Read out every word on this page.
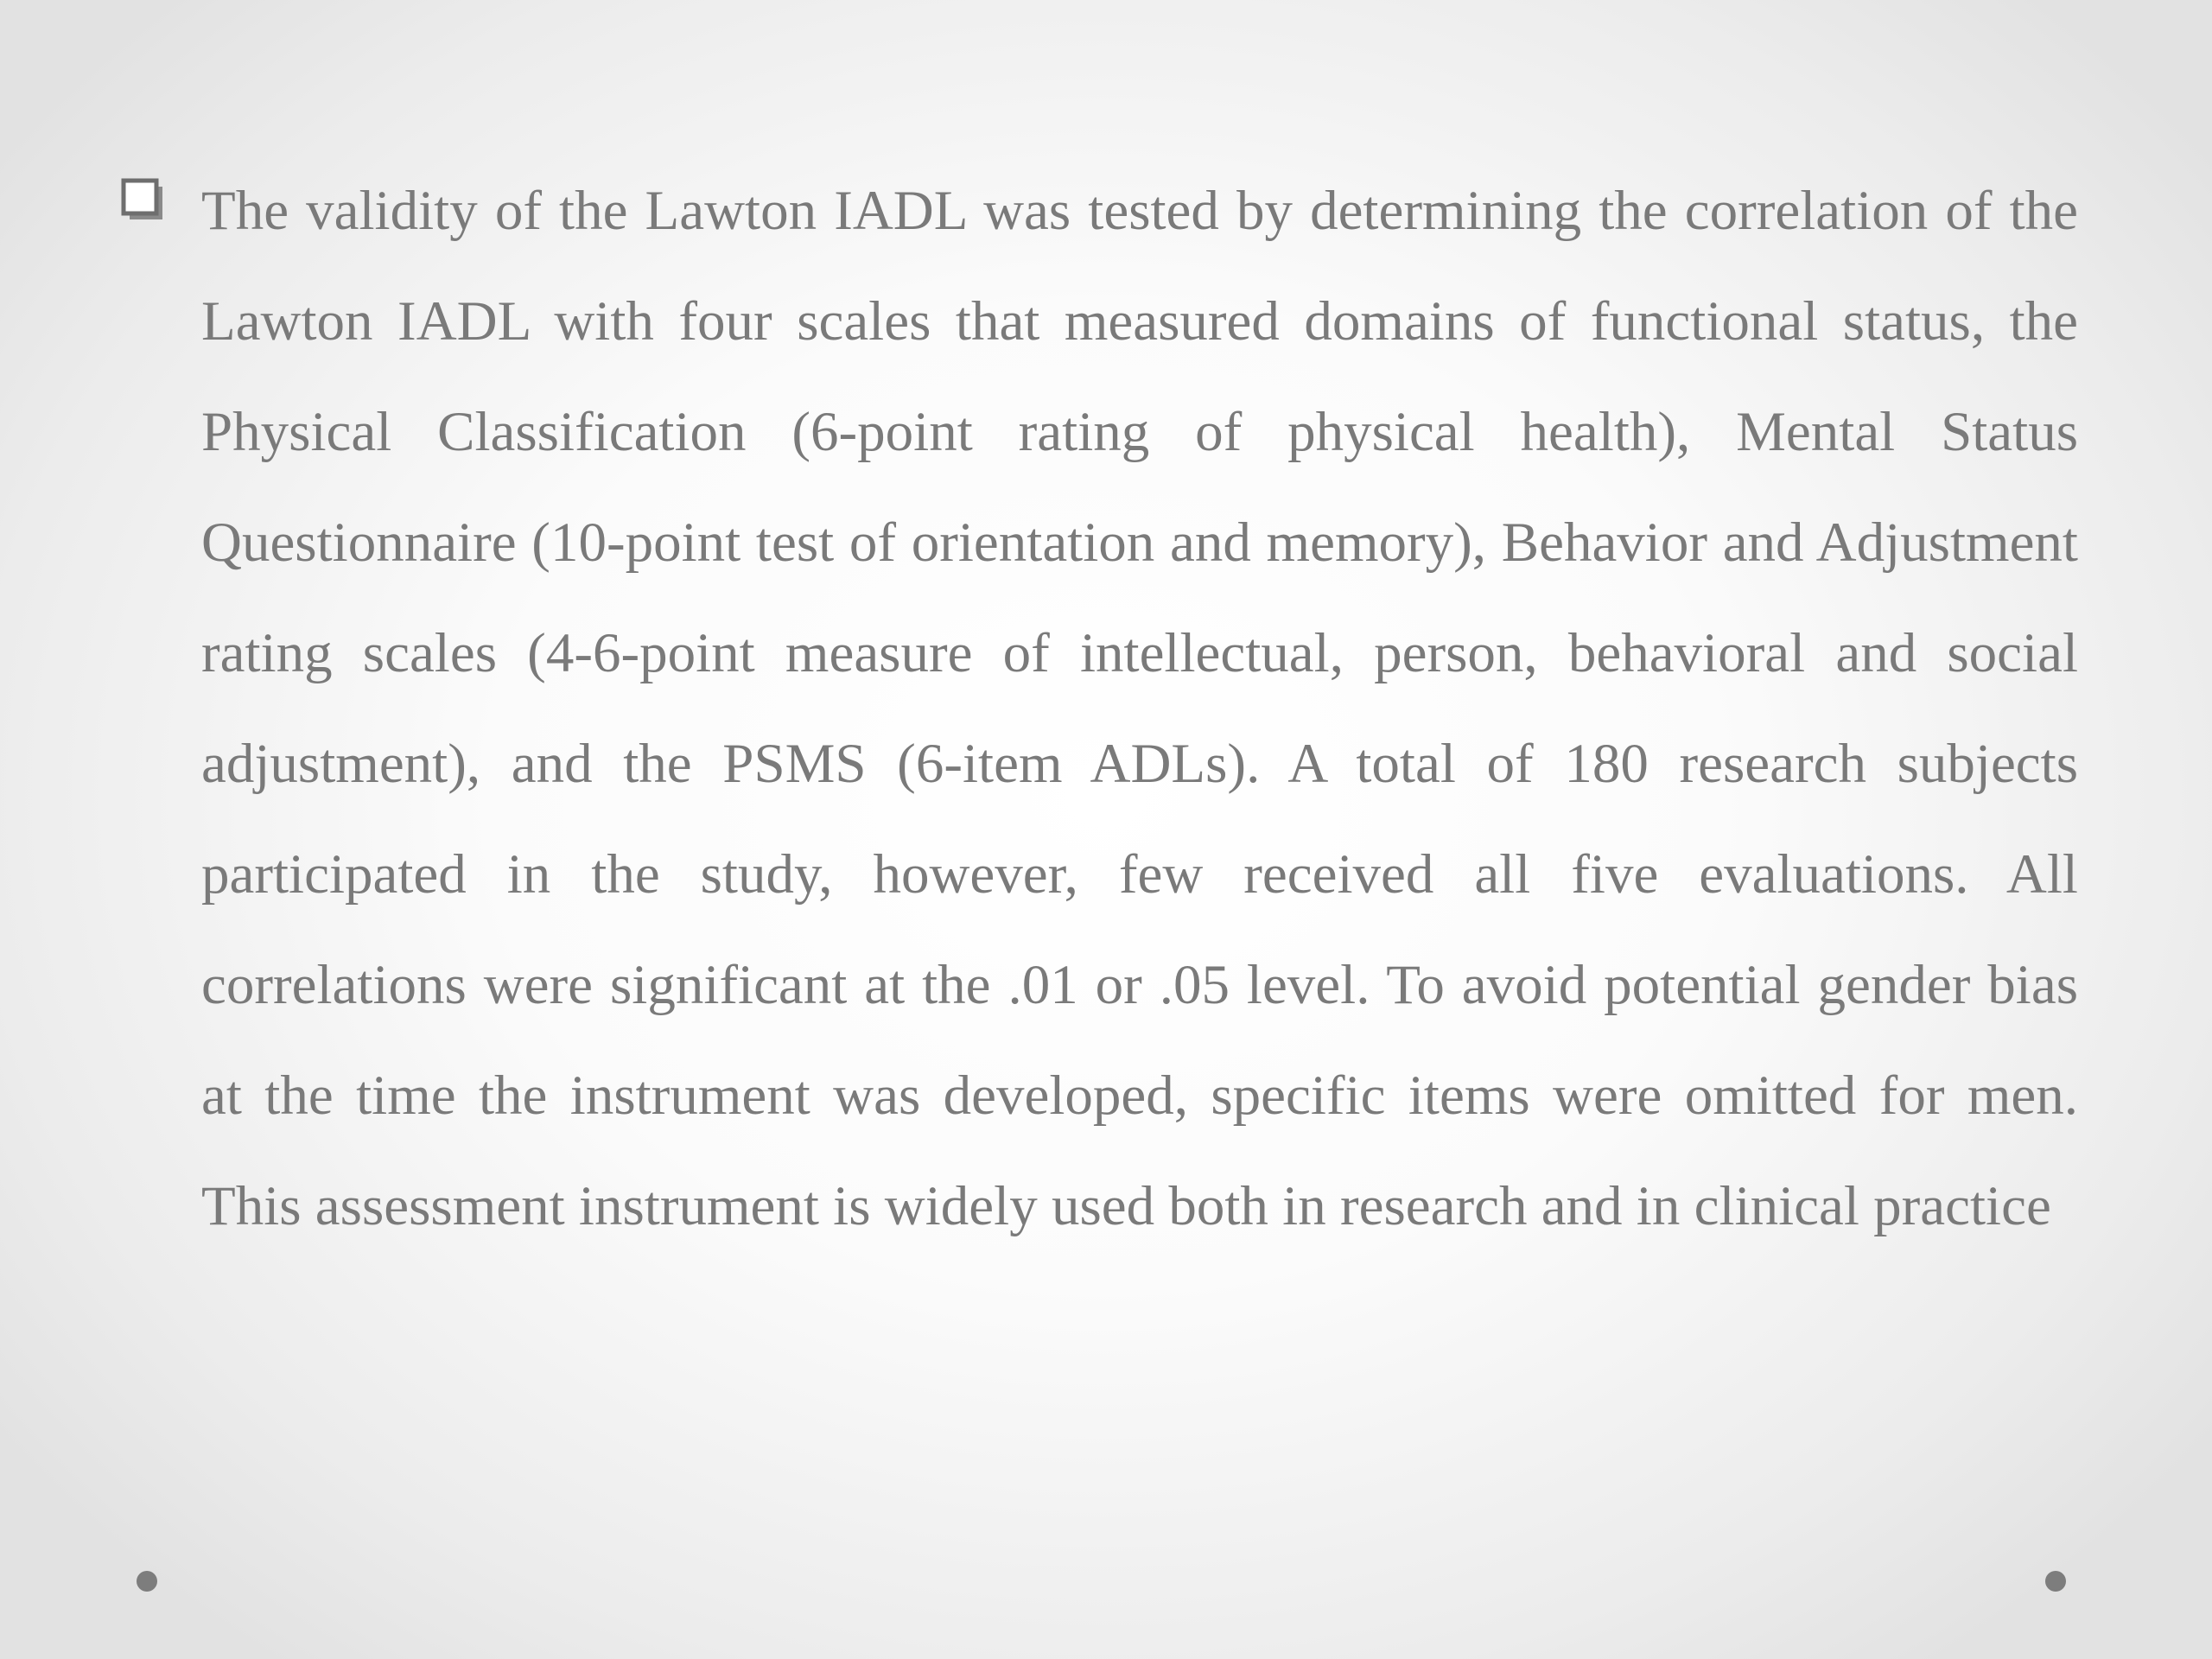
The validity of the Lawton IADL was tested by determining the correlation of the Lawton IADL with four scales that measured domains of functional status, the Physical Classification (6-point rating of physical health), Mental Status Questionnaire (10-point test of orientation and memory), Behavior and Adjustment rating scales (4-6-point measure of intellectual, person, behavioral and social adjustment), and the PSMS (6-item ADLs). A total of 180 research subjects participated in the study, however, few received all five evaluations. All correlations were significant at the .01 or .05 level. To avoid potential gender bias at the time the instrument was developed, specific items were omitted for men. This assessment instrument is widely used both in research and in clinical practice
